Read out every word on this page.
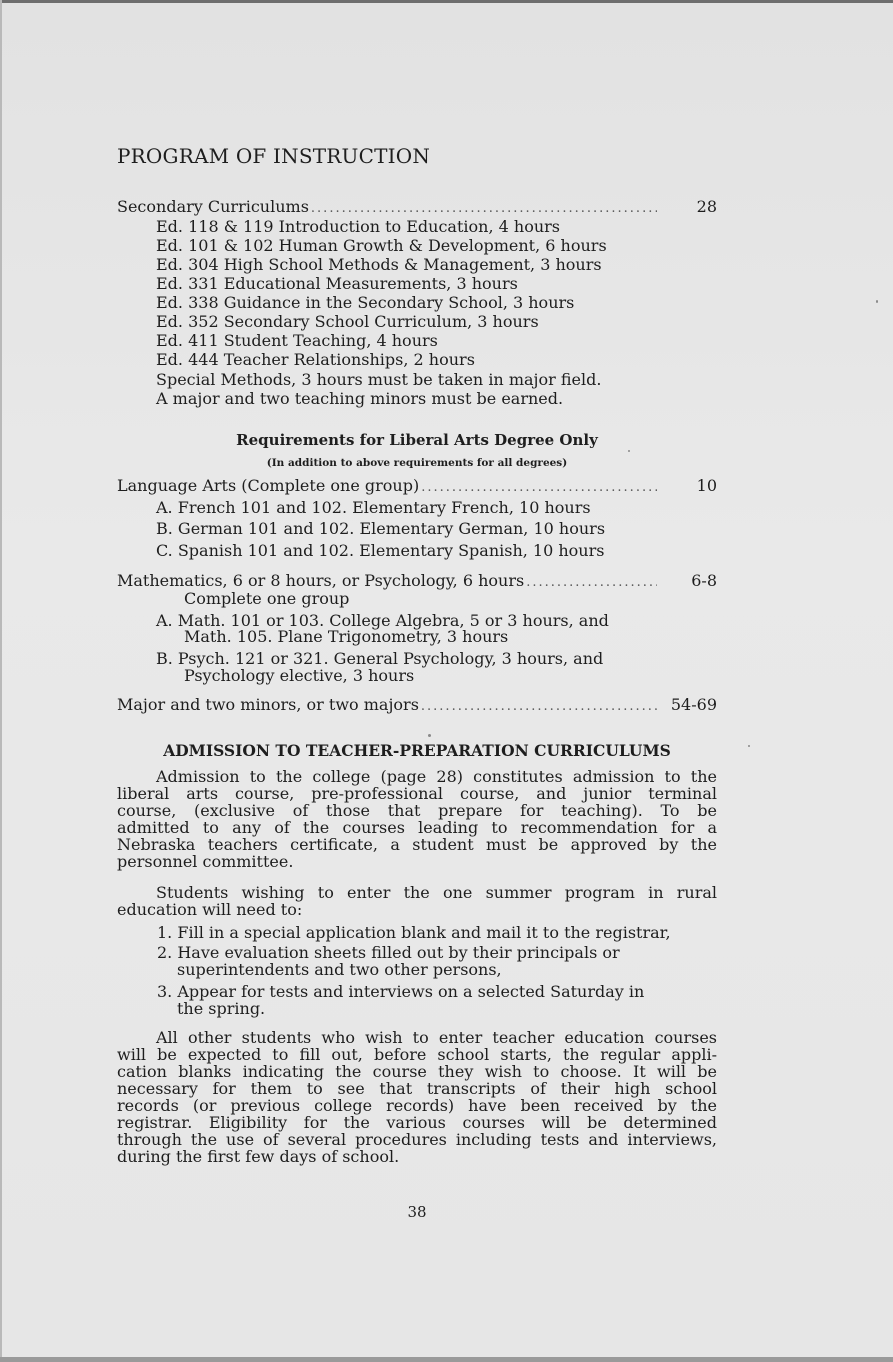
PROGRAM OF INSTRUCTION
Secondary Curriculums .....	28
Ed. 118 & 119 Introduction to Education, 4 hours
Ed. 101 & 102 Human Growth & Development, 6 hours
Ed. 304 High School Methods & Management, 3 hours
Ed. 331 Educational Measurements, 3 hours
Ed. 338 Guidance in the Secondary School, 3 hours
Ed. 352 Secondary School Curriculum, 3 hours
Ed. 411 Student Teaching, 4 hours
Ed. 444 Teacher Relationships, 2 hours
Special Methods, 3 hours must be taken in major field.
A major and two teaching minors must be earned.
Requirements for Liberal Arts Degree Only
(In addition to above requirements for all degrees)
Language Arts (Complete one group) .....	10
A. French 101 and 102. Elementary French, 10 hours
B. German 101 and 102. Elementary German, 10 hours
C. Spanish 101 and 102. Elementary Spanish, 10 hours
Mathematics, 6 or 8 hours, or Psychology, 6 hours .....	6-8
Complete one group
A. Math. 101 or 103. College Algebra, 5 or 3 hours, and
Math. 105. Plane Trigonometry, 3 hours
B. Psych. 121 or 321. General Psychology, 3 hours, and
Psychology elective, 3 hours
Major and two minors, or two majors .....	54-69
ADMISSION TO TEACHER-PREPARATION CURRICULUMS
Admission to the college (page 28) constitutes admission to the
liberal arts course, pre-professional course, and junior terminal
course, (exclusive of those that prepare for teaching). To be
admitted to any of the courses leading to recommendation for a
Nebraska teachers certificate, a student must be approved by the
personnel committee.
Students wishing to enter the one summer program in rural
education will need to:
1. Fill in a special application blank and mail it to the registrar,
2. Have evaluation sheets filled out by their principals or
superintendents and two other persons,
3. Appear for tests and interviews on a selected Saturday in
the spring.
All other students who wish to enter teacher education courses
will be expected to fill out, before school starts, the regular appli-
cation blanks indicating the course they wish to choose. It will be
necessary for them to see that transcripts of their high school
records (or previous college records) have been received by the
registrar. Eligibility for the various courses will be determined
through the use of several procedures including tests and interviews,
during the first few days of school.
38
